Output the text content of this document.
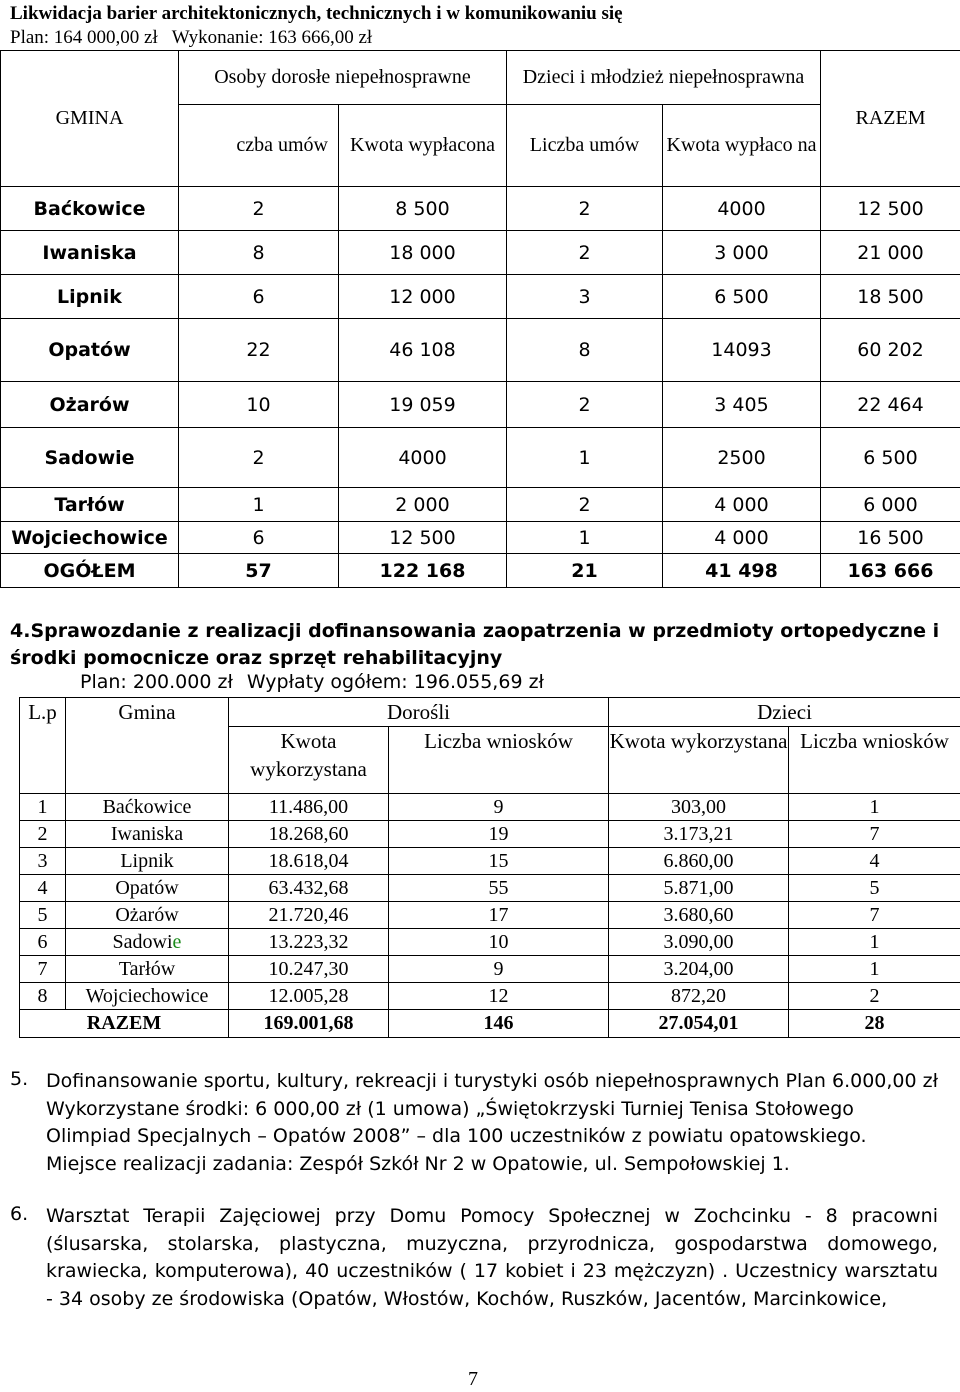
Likwidacja barier architektonicznych, technicznych i w komunikowaniu się
Plan: 164 000,00 zł Wykonanie: 163 666,00 zł
GMINA	Osoby dorosłe niepełnosprawne		Dzieci i młodzież niepełnosprawna		RAZEM
	czba umów	Kwota wypłacona	Liczba umów	Kwota wypłaco na	
Baćkowice	2	8 500	2	4000	12 500
Iwaniska	8	18 000	2	3 000	21 000
Lipnik	6	12 000	3	6 500	18 500
Opatów	22	46 108	8	14093	60 202
Ożarów	10	19 059	2	3 405	22 464
Sadowie	2	4000	1	2500	6 500
Tarłów	1	2 000	2	4 000	6 000
Wojciechowice	6	12 500	1	4 000	16 500
OGÓŁEM	57	122 168	21	41 498	163 666
4.Sprawozdanie z realizacji dofnansowania zaopatrzenia w przedmioty ortopedyczne i środki pomocnicze oraz sprzęt rehabilitacyjny
Plan: 200.000 zł Wypłaty ogółem: 196.055,69 zł
L.p	Gmina	Dorośli		Dzieci	
		Kwota wykorzystana	Liczba wniosków	Kwota wykorzystana	Liczba wniosków
1	Baćkowice	11.486,00	9	303,00	1
2	Iwaniska	18.268,60	19	3.173,21	7
3	Lipnik	18.618,04	15	6.860,00	4
4	Opatów	63.432,68	55	5.871,00	5
5	Ożarów	21.720,46	17	3.680,60	7
6	Sadowie	13.223,32	10	3.090,00	1
7	Tarłów	10.247,30	9	3.204,00	1
8	Wojciechowice	12.005,28	12	872,20	2
RAZEM		169.001,68	146	27.054,01	28
5. Dofinansowanie sportu, kultury, rekreacji i turystyki osób niepełnosprawnych Plan 6.000,00 zł
Wykorzystane środki: 6 000,00 zł (1 umowa) „Świętokrzyski Turniej Tenisa Stołowego
Olimpiad Specjalnych – Opatów 2008” – dla 100 uczestników z powiatu opatowskiego.
Miejsce realizacji zadania: Zespół Szkół Nr 2 w Opatowie, ul. Sempołowskiej 1.
6. Warsztat Terapii Zajęciowej przy Domu Pomocy Społecznej w Zochcinku - 8 pracowni (ślusarska, stolarska, plastyczna, muzyczna, przyrodnicza, gospodarstwa domowego, krawiecka, komputerowa), 40 uczestników ( 17 kobiet i 23 mężczyzn) . Uczestnicy warsztatu - 34 osoby ze środowiska (Opatów, Włostów, Kochów, Ruszków, Jacentów, Marcinkowice,
7
